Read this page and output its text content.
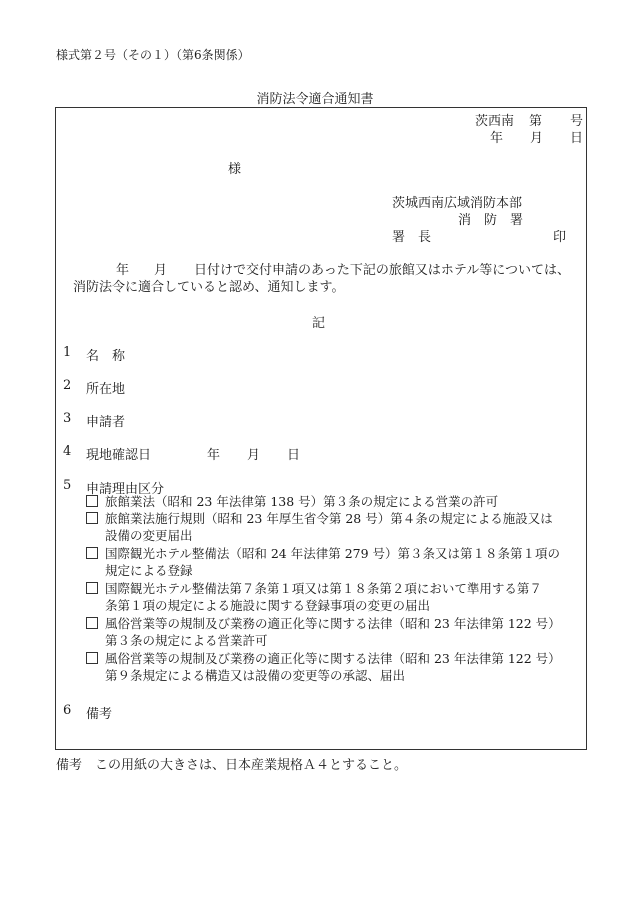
様式第２号（その１）（第6条関係）
消防法令適合通知書
茨西南 第 号
年 月 日
様
茨城西南広域消防本部
消　防　署
署　長	印
年 月 日付けで交付申請のあった下記の旅館又はホテル等については、
消防法令に適合していると認め、通知します。
記
1 名　称
2 所在地
3 申請者
4 現地確認日	年 月 日
5 申請理由区分
旅館業法（昭和 23 年法律第 138 号）第３条の規定による営業の許可
旅館業法施行規則（昭和 23 年厚生省令第 28 号）第４条の規定による施設又は
設備の変更届出
国際観光ホテル整備法（昭和 24 年法律第 279 号）第３条又は第１８条第１項の
規定による登録
国際観光ホテル整備法第７条第１項又は第１８条第２項において準用する第７
条第１項の規定による施設に関する登録事項の変更の届出
風俗営業等の規制及び業務の適正化等に関する法律（昭和 23 年法律第 122 号）
第３条の規定による営業許可
風俗営業等の規制及び業務の適正化等に関する法律（昭和 23 年法律第 122 号）
第９条規定による構造又は設備の変更等の承認、届出
6 備考
備考　この用紙の大きさは、日本産業規格Ａ４とすること。
